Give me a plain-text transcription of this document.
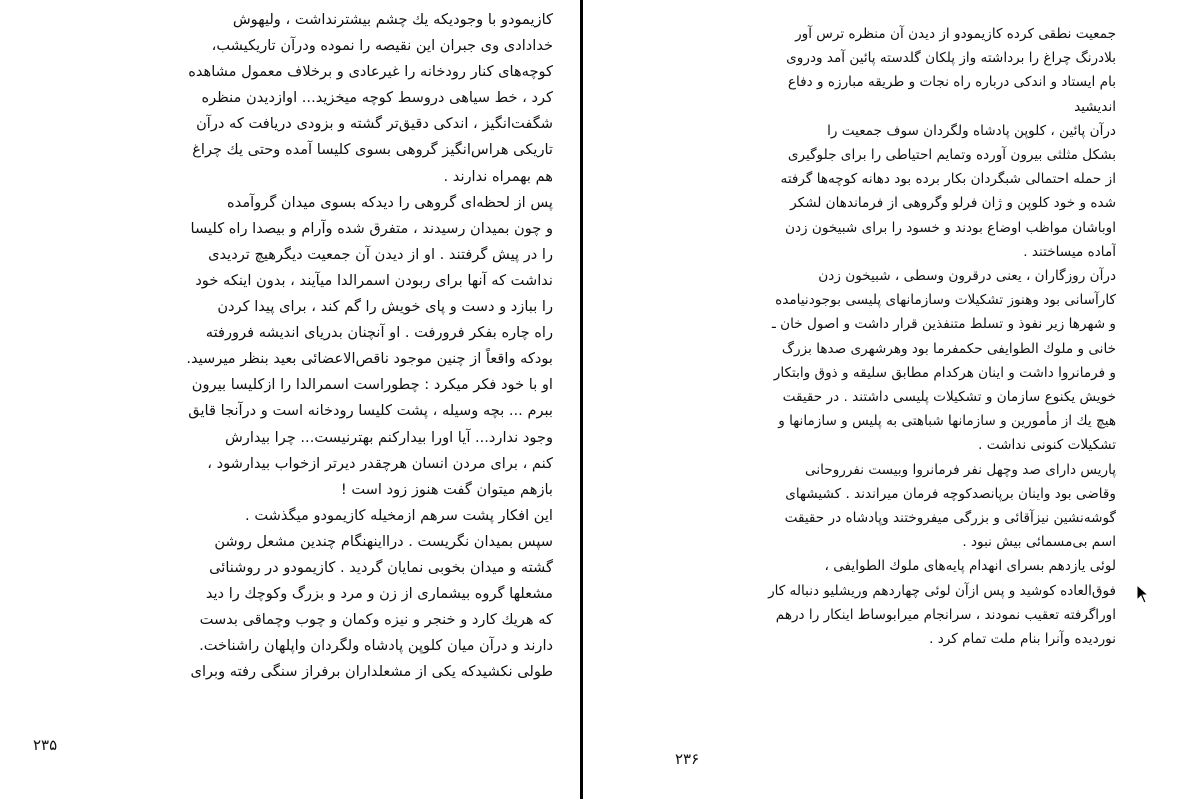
کازیمودو با وجودیکه یك چشم بیشترنداشت ، ولیهوش
خدادادی وی جبران این نقیصه را نموده ودرآن تاریکیشب،
کوچه‌های کنار رودخانه را غیرعادی و برخلاف معمول مشاهده
کرد ، خط سیاهی دروسط کوچه میخزید... اوازدیدن منظره
شگفت‌انگیز ، اندکی دقیق‌تر گشته و بزودی دریافت که درآن
تاریکی هراس‌انگیز گروهی بسوی کلیسا آمده وحتی یك چراغ
هم بهمراه ندارند .
پس از لحظه‌ای گروهی را دیدکه بسوی میدان گروآمده
و چون بمیدان رسیدند ، متفرق شده وآرام و بیصدا راه کلیسا
را در پیش گرفتند . او از دیدن آن جمعیت دیگرهیچ تردیدی
نداشت که آنها برای ربودن اسمرالدا میآیند ، بدون اینکه خود
را ببازد و دست و پای خویش را گم کند ، برای پیدا کردن
راه چاره بفکر فرورفت . او آنچنان بدریای اندیشه فرورفته
بودکه واقعاً از چنین موجود ناقص‌الاعضائی بعید بنظر میرسید.
او با خود فکر میکرد : چطوراست اسمرالدا را ازکلیسا بیرون
ببرم ... بچه وسیله ، پشت کلیسا رودخانه است و درآنجا قایق
وجود ندارد... آیا اورا بیدارکنم بهترنیست... چرا بیدارش
کنم ، برای مردن انسان هرچقدر دیرتر ازخواب بیدارشود ،
بازهم میتوان گفت هنوز زود است !
این افکار پشت سرهم ازمخیله کازیمودو میگذشت .
سپس بمیدان نگریست . درااینهنگام چندین مشعل روشن
گشته و میدان بخوبی نمایان گردید . کازیمودو در روشنائی
مشعلها گروه بیشماری از زن و مرد و بزرگ وکوچك را دید
که هریك کارد و خنجر و نیزه وکمان و چوب وچماقی بدست
دارند و درآن میان کلوپن پادشاه ولگردان واپلهان راشناخت.
طولی نکشیدکه یکی از مشعلداران برفراز سنگی رفته وبرای
۲۳۵
جمعیت نطقی کرده کازیمودو از دیدن آن منظره ترس آور
بلادرنگ چراغ را برداشته واز پلکان گلدسته پائین آمد ودروی
بام ایستاد و اندکی درباره راه نجات و طریقه مبارزه و دفاع
اندیشید
درآن پائین ، کلوپن پادشاه ولگردان سوف جمعیت را
بشکل مثلثی بیرون آورده وتمایم احتیاطی را برای جلوگیری
از حمله احتمالی شبگردان بکار برده بود دهانه کوچه‌ها گرفته
شده و خود کلوپن و ژان فرلو وگروهی از فرماندهان لشکر
اوباشان مواظب اوضاع بودند و خسود را برای شبیخون زدن
آماده میساختند .
درآن روزگاران ، یعنی درقرون وسطی ، شبیخون زدن
کارآسانی بود وهنوز تشکیلات وسازمانهای پلیسی بوجودنیامده
و شهرها زیر نفوذ و تسلط متنفذین قرار داشت و اصول خان ـ
خانی و ملوك الطوایفی حکمفرما بود وهرشهری صدها بزرگ
و فرمانروا داشت و اینان هرکدام مطابق سلیقه و ذوق وابتکار
خویش یکنوع سازمان و تشکیلات پلیسی داشتند . در حقیقت
هیچ یك از مأمورین و سازمانها شباهتی به پلیس و سازمانها و
تشکیلات کنونی نداشت .
پاریس دارای صد وچهل نفر فرمانروا وبیست نفرروحانی
وقاضی بود واینان برپانصدکوچه فرمان میراندند . کشیشهای
گوشه‌نشین نیزآقائی و بزرگی میفروختند وپادشاه در حقیقت
اسم بی‌مسمائی بیش نبود .
لوئی یازدهم بسرای انهدام پایه‌های ملوك الطوایفی ،
فوق‌العاده کوشید و پس ازآن لوئی چهاردهم وریشلیو دنباله کار
اوراگرفته تعقیب نمودند ، سرانجام میرابوساط اینکار را درهم
نوردیده وآنرا بنام ملت تمام کرد .
۲۳۶
